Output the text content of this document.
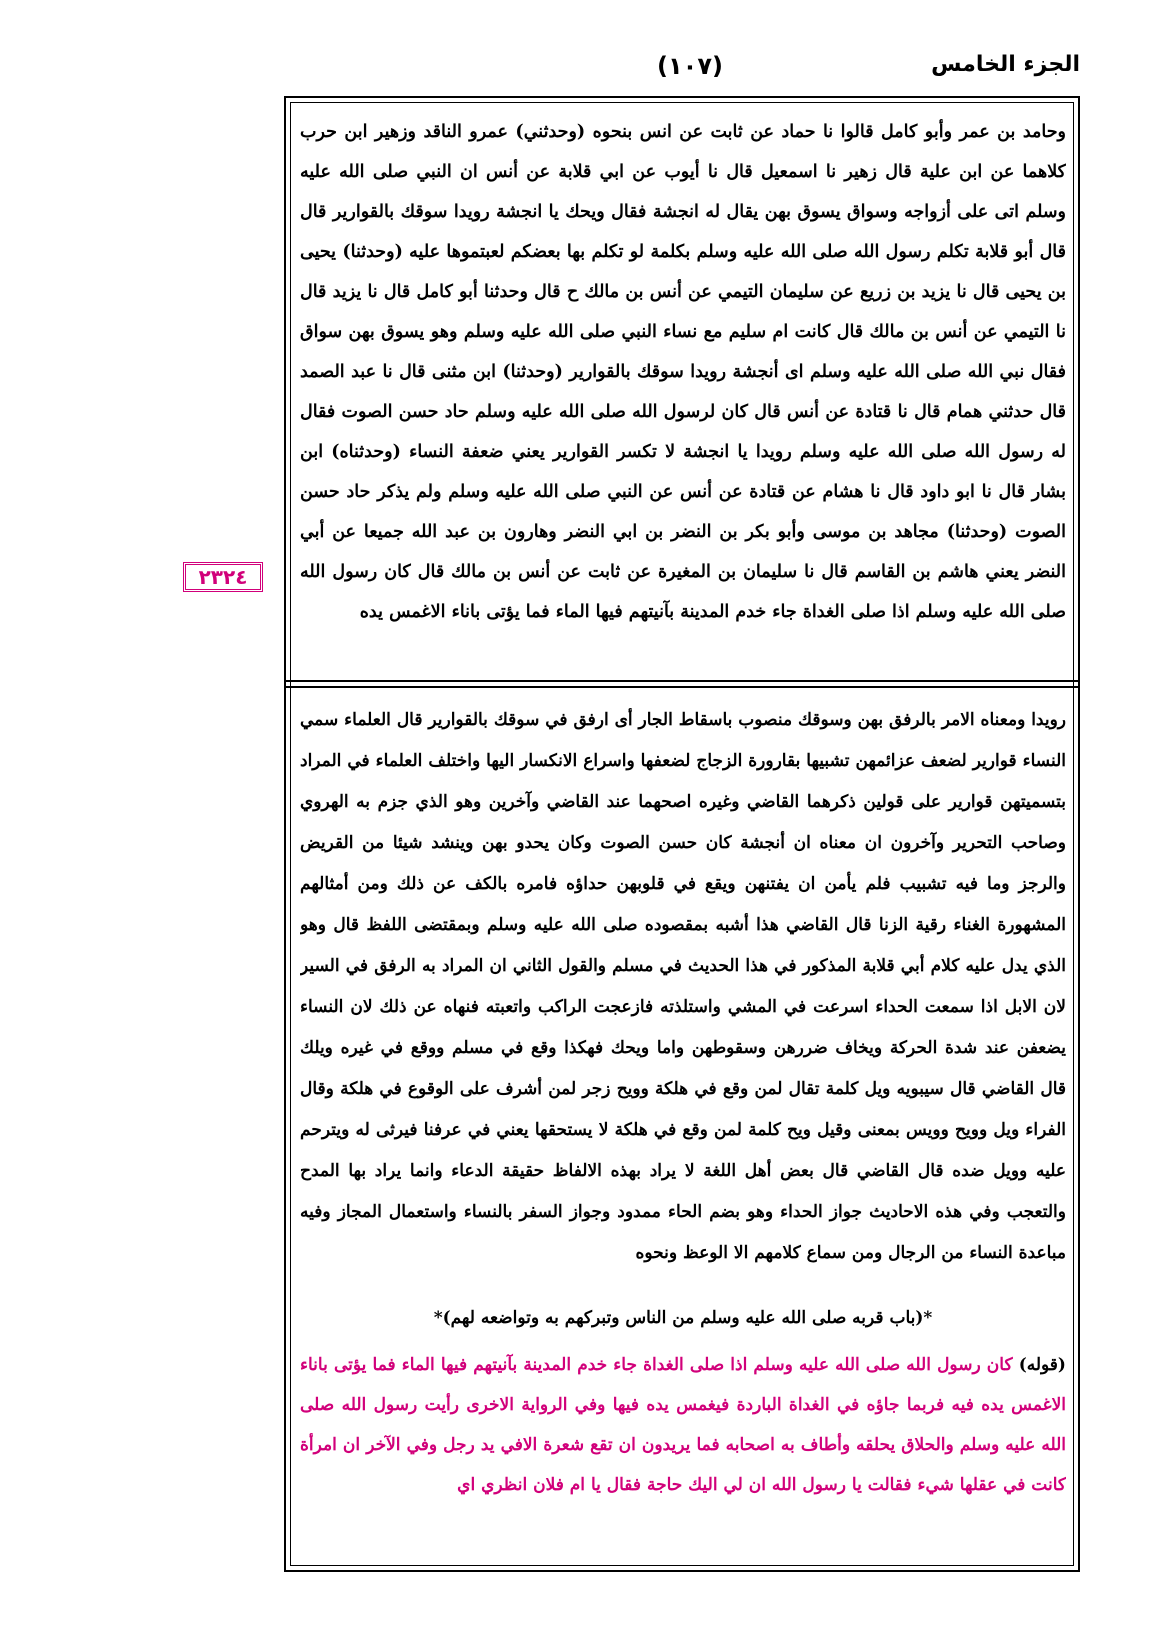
الجزء الخامس
(١٠٧)
٢٣٢٤
وحامد بن عمر وأبو كامل قالوا نا حماد عن ثابت عن انس بنحوه (وحدثني) عمرو الناقد وزهير ابن حرب كلاهما عن ابن علية قال زهير نا اسمعيل قال نا أيوب عن ابي قلابة عن أنس ان النبي صلى الله عليه وسلم اتى على أزواجه وسواق يسوق بهن يقال له انجشة فقال ويحك يا انجشة رويدا سوقك بالقوارير قال قال أبو قلابة تكلم رسول الله صلى الله عليه وسلم بكلمة لو تكلم بها بعضكم لعبتموها عليه (وحدثنا) يحيى بن يحيى قال نا يزيد بن زريع عن سليمان التيمي عن أنس بن مالك ح قال وحدثنا أبو كامل قال نا يزيد قال نا التيمي عن أنس بن مالك قال كانت ام سليم مع نساء النبي صلى الله عليه وسلم وهو يسوق بهن سواق فقال نبي الله صلى الله عليه وسلم اى أنجشة رويدا سوقك بالقوارير (وحدثنا) ابن مثنى قال نا عبد الصمد قال حدثني همام قال نا قتادة عن أنس قال كان لرسول الله صلى الله عليه وسلم حاد حسن الصوت فقال له رسول الله صلى الله عليه وسلم رويدا يا انجشة لا تكسر القوارير يعني ضعفة النساء (وحدثناه) ابن بشار قال نا ابو داود قال نا هشام عن قتادة عن أنس عن النبي صلى الله عليه وسلم ولم يذكر حاد حسن الصوت (وحدثنا) مجاهد بن موسى وأبو بكر بن النضر بن ابي النضر وهارون بن عبد الله جميعا عن أبي النضر يعني هاشم بن القاسم قال نا سليمان بن المغيرة عن ثابت عن أنس بن مالك قال كان رسول الله صلى الله عليه وسلم اذا صلى الغداة جاء خدم المدينة بآنيتهم فيها الماء فما يؤتى باناء الاغمس يده
رويدا ومعناه الامر بالرفق بهن وسوقك منصوب باسقاط الجار أى ارفق في سوقك بالقوارير قال العلماء سمي النساء قوارير لضعف عزائمهن تشبيها بقارورة الزجاج لضعفها واسراع الانكسار اليها واختلف العلماء في المراد بتسميتهن قوارير على قولين ذكرهما القاضي وغيره اصحهما عند القاضي وآخرين وهو الذي جزم به الهروي وصاحب التحرير وآخرون ان معناه ان أنجشة كان حسن الصوت وكان يحدو بهن وينشد شيئا من القريض والرجز وما فيه تشبيب فلم يأمن ان يفتنهن ويقع في قلوبهن حداؤه فامره بالكف عن ذلك ومن أمثالهم المشهورة الغناء رقية الزنا قال القاضي هذا أشبه بمقصوده صلى الله عليه وسلم وبمقتضى اللفظ قال وهو الذي يدل عليه كلام أبي قلابة المذكور في هذا الحديث في مسلم والقول الثاني ان المراد به الرفق في السير لان الابل اذا سمعت الحداء اسرعت في المشي واستلذته فازعجت الراكب واتعبته فنهاه عن ذلك لان النساء يضعفن عند شدة الحركة ويخاف ضررهن وسقوطهن واما ويحك فهكذا وقع في مسلم ووقع في غيره ويلك قال القاضي قال سيبويه ويل كلمة تقال لمن وقع في هلكة وويح زجر لمن أشرف على الوقوع في هلكة وقال الفراء ويل وويح وويس بمعنى وقيل ويح كلمة لمن وقع في هلكة لا يستحقها يعني في عرفنا فيرثى له ويترحم عليه وويل ضده قال القاضي قال بعض أهل اللغة لا يراد بهذه الالفاظ حقيقة الدعاء وانما يراد بها المدح والتعجب وفي هذه الاحاديث جواز الحداء وهو بضم الحاء ممدود وجواز السفر بالنساء واستعمال المجاز وفيه مباعدة النساء من الرجال ومن سماع كلامهم الا الوعظ ونحوه
*(باب قربه صلى الله عليه وسلم من الناس وتبركهم به وتواضعه لهم)*
(قوله) كان رسول الله صلى الله عليه وسلم اذا صلى الغداة جاء خدم المدينة بآنيتهم فيها الماء فما يؤتى باناء الاغمس يده فيه فربما جاؤه في الغداة الباردة فيغمس يده فيها وفي الرواية الاخرى رأيت رسول الله صلى الله عليه وسلم والحلاق يحلقه وأطاف به اصحابه فما يريدون ان تقع شعرة الافي يد رجل وفي الآخر ان امرأة كانت في عقلها شيء فقالت يا رسول الله ان لي اليك حاجة فقال يا ام فلان انظري اي
